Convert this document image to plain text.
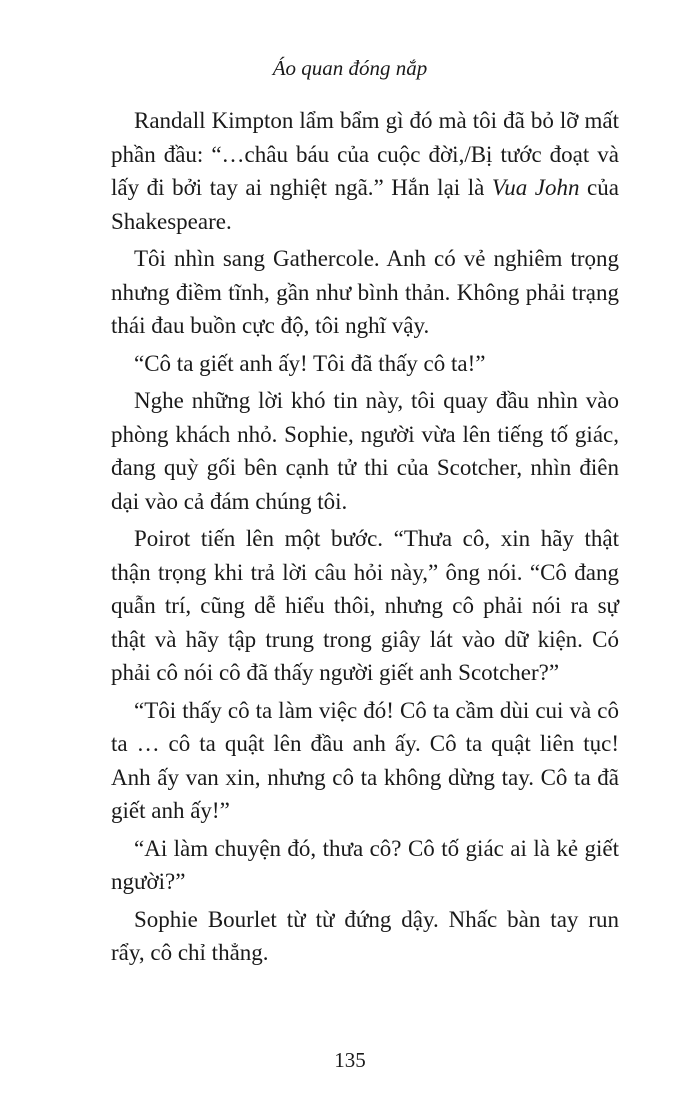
Áo quan đóng nắp

Randall Kimpton lẩm bẩm gì đó mà tôi đã bỏ lỡ mất phần đầu: “…châu báu của cuộc đời,/Bị tước đoạt và lấy đi bởi tay ai nghiệt ngã.” Hắn lại là Vua John của Shakespeare.

Tôi nhìn sang Gathercole. Anh có vẻ nghiêm trọng nhưng điềm tĩnh, gần như bình thản. Không phải trạng thái đau buồn cực độ, tôi nghĩ vậy.

“Cô ta giết anh ấy! Tôi đã thấy cô ta!”

Nghe những lời khó tin này, tôi quay đầu nhìn vào phòng khách nhỏ. Sophie, người vừa lên tiếng tố giác, đang quỳ gối bên cạnh tử thi của Scotcher, nhìn điên dại vào cả đám chúng tôi.

Poirot tiến lên một bước. “Thưa cô, xin hãy thật thận trọng khi trả lời câu hỏi này,” ông nói. “Cô đang quẫn trí, cũng dễ hiểu thôi, nhưng cô phải nói ra sự thật và hãy tập trung trong giây lát vào dữ kiện. Có phải cô nói cô đã thấy người giết anh Scotcher?”

“Tôi thấy cô ta làm việc đó! Cô ta cầm dùi cui và cô ta … cô ta quật lên đầu anh ấy. Cô ta quật liên tục! Anh ấy van xin, nhưng cô ta không dừng tay. Cô ta đã giết anh ấy!”

“Ai làm chuyện đó, thưa cô? Cô tố giác ai là kẻ giết người?”

Sophie Bourlet từ từ đứng dậy. Nhấc bàn tay run rẩy, cô chỉ thẳng.

135
